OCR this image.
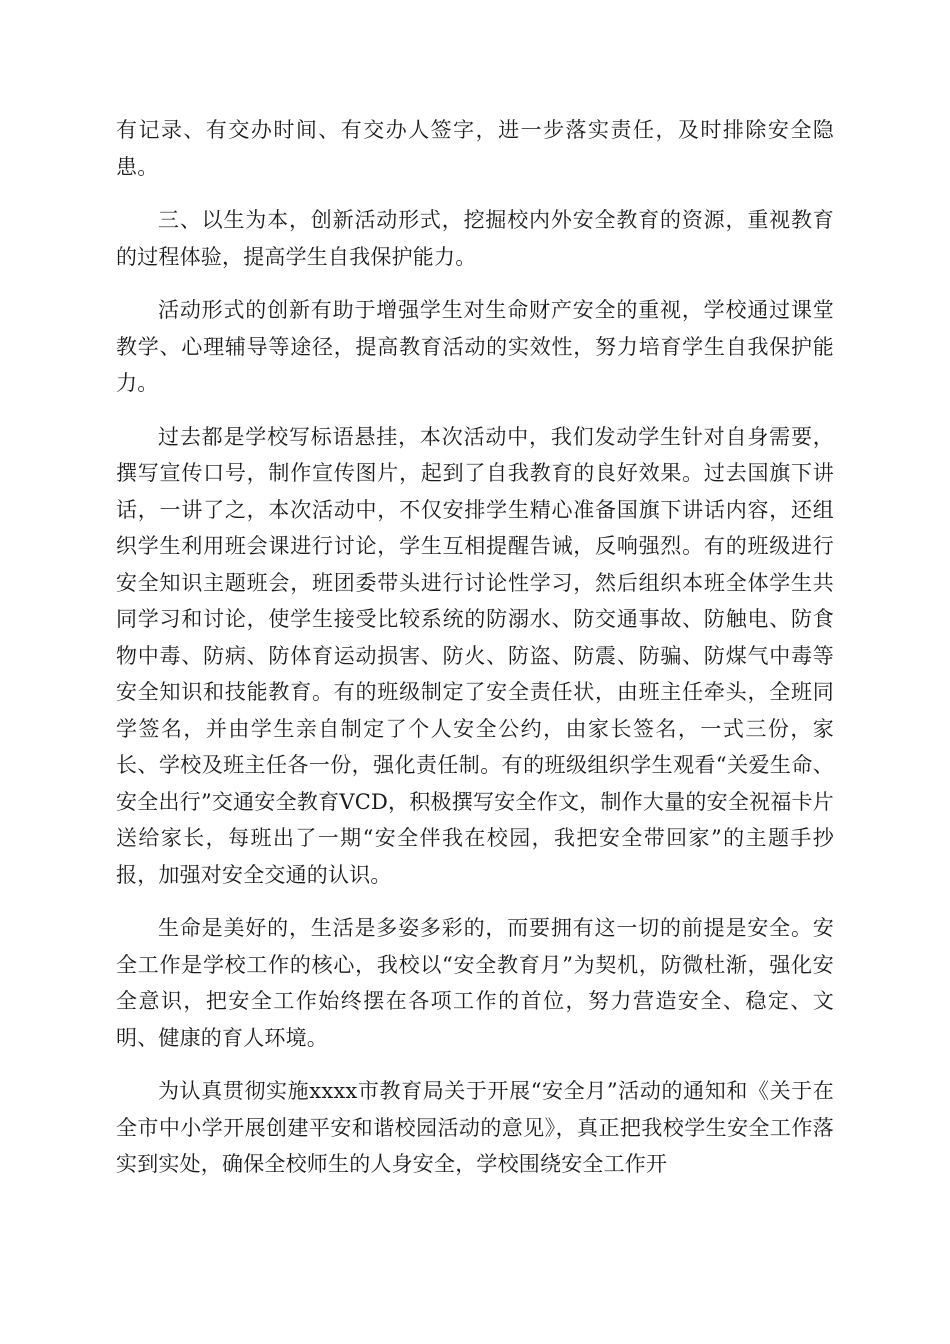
有记录、有交办时间、有交办人签字，进一步落实责任，及时排除安全隐患。

三、以生为本，创新活动形式，挖掘校内外安全教育的资源，重视教育的过程体验，提高学生自我保护能力。

活动形式的创新有助于增强学生对生命财产安全的重视，学校通过课堂教学、心理辅导等途径，提高教育活动的实效性，努力培育学生自我保护能力。

过去都是学校写标语悬挂，本次活动中，我们发动学生针对自身需要，撰写宣传口号，制作宣传图片，起到了自我教育的良好效果。过去国旗下讲话，一讲了之，本次活动中，不仅安排学生精心准备国旗下讲话内容，还组织学生利用班会课进行讨论，学生互相提醒告诫，反响强烈。有的班级进行安全知识主题班会，班团委带头进行讨论性学习，然后组织本班全体学生共同学习和讨论，使学生接受比较系统的防溺水、防交通事故、防触电、防食物中毒、防病、防体育运动损害、防火、防盗、防震、防骗、防煤气中毒等安全知识和技能教育。有的班级制定了安全责任状，由班主任牵头，全班同学签名，并由学生亲自制定了个人安全公约，由家长签名，一式三份，家长、学校及班主任各一份，强化责任制。有的班级组织学生观看“关爱生命、安全出行”交通安全教育VCD，积极撰写安全作文，制作大量的安全祝福卡片送给家长，每班出了一期“安全伴我在校园，我把安全带回家”的主题手抄报，加强对安全交通的认识。

生命是美好的，生活是多姿多彩的，而要拥有这一切的前提是安全。安全工作是学校工作的核心，我校以“安全教育月”为契机，防微杜渐，强化安全意识，把安全工作始终摆在各项工作的首位，努力营造安全、稳定、文明、健康的育人环境。

为认真贯彻实施xxxx市教育局关于开展“安全月”活动的通知和《关于在全市中小学开展创建平安和谐校园活动的意见》，真正把我校学生安全工作落实到实处，确保全校师生的人身安全，学校围绕安全工作开
